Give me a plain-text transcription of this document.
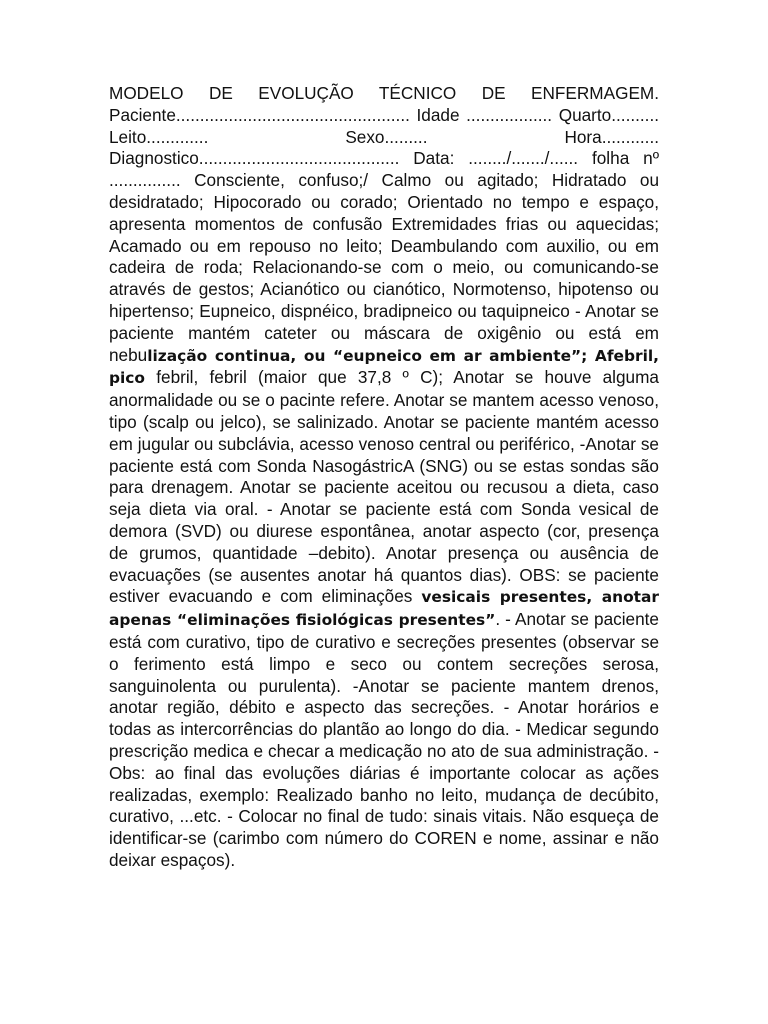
MODELO DE EVOLUÇÃO TÉCNICO DE ENFERMAGEM. Paciente................................................. Idade .................. Quarto.......... Leito............. Sexo......... Hora............ Diagnostico.......................................... Data: ......../......./...... folha nº ............... Consciente, confuso;/ Calmo ou agitado; Hidratado ou desidratado; Hipocorado ou corado; Orientado no tempo e espaço, apresenta momentos de confusão Extremidades frias ou aquecidas; Acamado ou em repouso no leito; Deambulando com auxilio, ou em cadeira de roda; Relacionando-se com o meio, ou comunicando-se através de gestos; Acianótico ou cianótico, Normotenso, hipotenso ou hipertenso; Eupneico, dispnéico, bradipneico ou taquipneico - Anotar se paciente mantém cateter ou máscara de oxigênio ou está em nebulização continua, ou “eupneico em ar ambiente”; Afebril, pico febril, febril (maior que 37,8 º C); Anotar se houve alguma anormalidade ou se o pacinte refere. Anotar se mantem acesso venoso, tipo (scalp ou jelco), se salinizado. Anotar se paciente mantém acesso em jugular ou subclávia, acesso venoso central ou periférico, -Anotar se paciente está com Sonda NasogástricA (SNG) ou se estas sondas são para drenagem. Anotar se paciente aceitou ou recusou a dieta, caso seja dieta via oral. - Anotar se paciente está com Sonda vesical de demora (SVD) ou diurese espontânea, anotar aspecto (cor, presença de grumos, quantidade –debito). Anotar presença ou ausência de evacuações (se ausentes anotar há quantos dias). OBS: se paciente estiver evacuando e com eliminações vesicais presentes, anotar apenas “eliminações fisiológicas presentes”. - Anotar se paciente está com curativo, tipo de curativo e secreções presentes (observar se o ferimento está limpo e seco ou contem secreções serosa, sanguinolenta ou purulenta). -Anotar se paciente mantem drenos, anotar região, débito e aspecto das secreções. - Anotar horários e todas as intercorrências do plantão ao longo do dia. - Medicar segundo prescrição medica e checar a medicação no ato de sua administração. - Obs: ao final das evoluções diárias é importante colocar as ações realizadas, exemplo: Realizado banho no leito, mudança de decúbito, curativo, ...etc. - Colocar no final de tudo: sinais vitais. Não esqueça de identificar-se (carimbo com número do COREN e nome, assinar e não deixar espaços).
